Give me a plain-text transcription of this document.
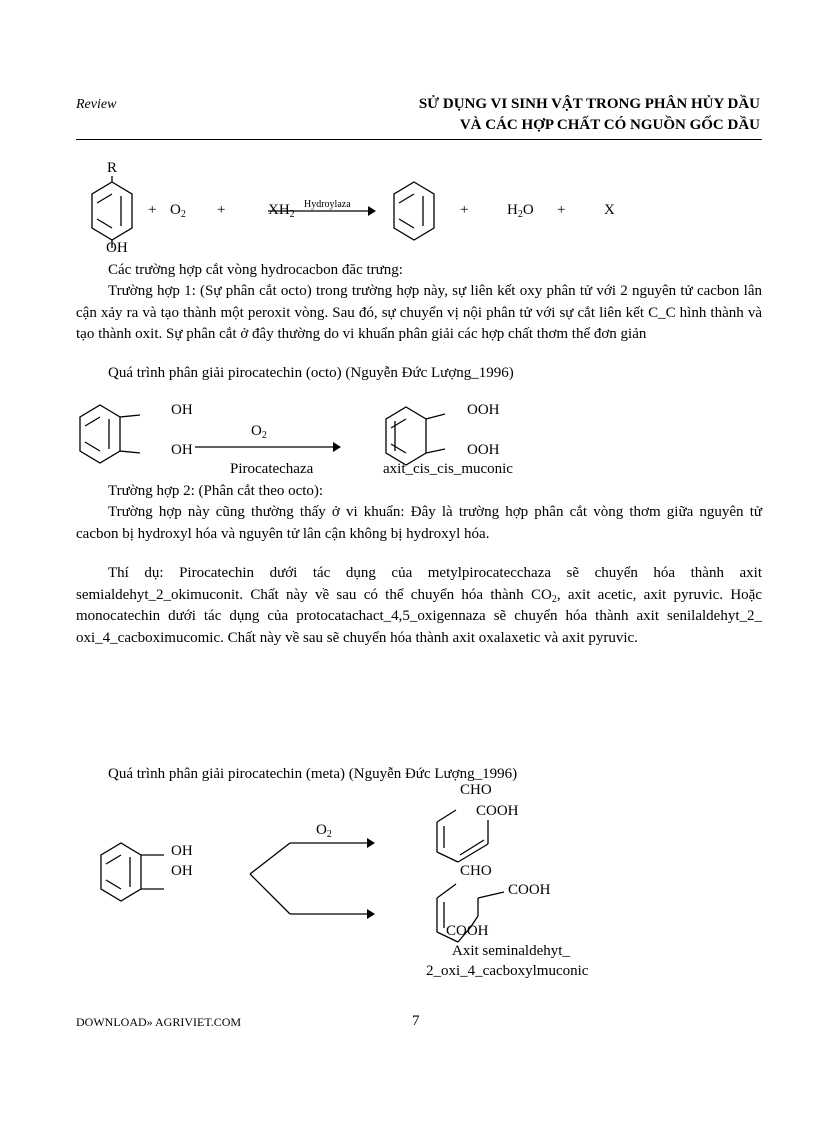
Review	SỬ DỤNG VI SINH VẬT TRONG PHÂN HỦY DẦU
VÀ CÁC HỢP CHẤT CÓ NGUỒN GỐC DẦU
R
OH
+ $O_2$ +	$XH_2$
Hydroylaza	+	$H_2O$ +	X
Các trường hợp cắt vòng hydrocacbon đăc trưng:
Trường hợp 1: (Sự phân cắt octo) trong trường hợp này, sự liên kết oxy phân tử với 2 nguyên tử cacbon lân cận xảy ra và tạo thành một peroxit vòng. Sau đó, sự chuyển vị nội phân tử với sự cắt liên kết C_C hình thành và tạo thành oxit. Sự phân cắt ở đây thường do vi khuẩn phân giải các hợp chất thơm thể đơn giản
Quá trình phân giải pirocatechin (octo) (Nguyễn Đức Lượng_1996)
OH
OH
$O_2$
OOH
OOH
Pirocatechaza	axit_cis_cis_muconic
Trường hợp 2: (Phân cắt theo octo):
Trường hợp này cũng thường thấy ở vi khuẩn: Đây là trường hợp phân cắt vòng thơm giữa nguyên tử cacbon bị hydroxyl hóa và nguyên tử lân cận không bị hydroxyl hóa.
Thí dụ: Pirocatechin dưới tác dụng của metylpirocatecchaza sẽ chuyển hóa thành axit semialdehyt_2_okimuconit. Chất này về sau có thể chuyển hóa thành $CO_2$, axit acetic, axit pyruvic. Hoặc monocatechin dưới tác dụng của protocatachact_4,5_oxigennaza sẽ chuyển hóa thành axit senilaldehyt_2_ oxi_4_cacboximucomic. Chất này về sau sẽ chuyển hóa thành axit oxalaxetic và axit pyruvic.
Quá trình phân giải pirocatechin (meta) (Nguyễn Đức Lượng_1996)
OH
OH
$O_2$
CHO
COOH
CHO
COOH
COOH
Axit seminaldehyt_
2_oxi_4_cacboxylmuconic
DOWNLOAD» AGRIVIET.COM	7
